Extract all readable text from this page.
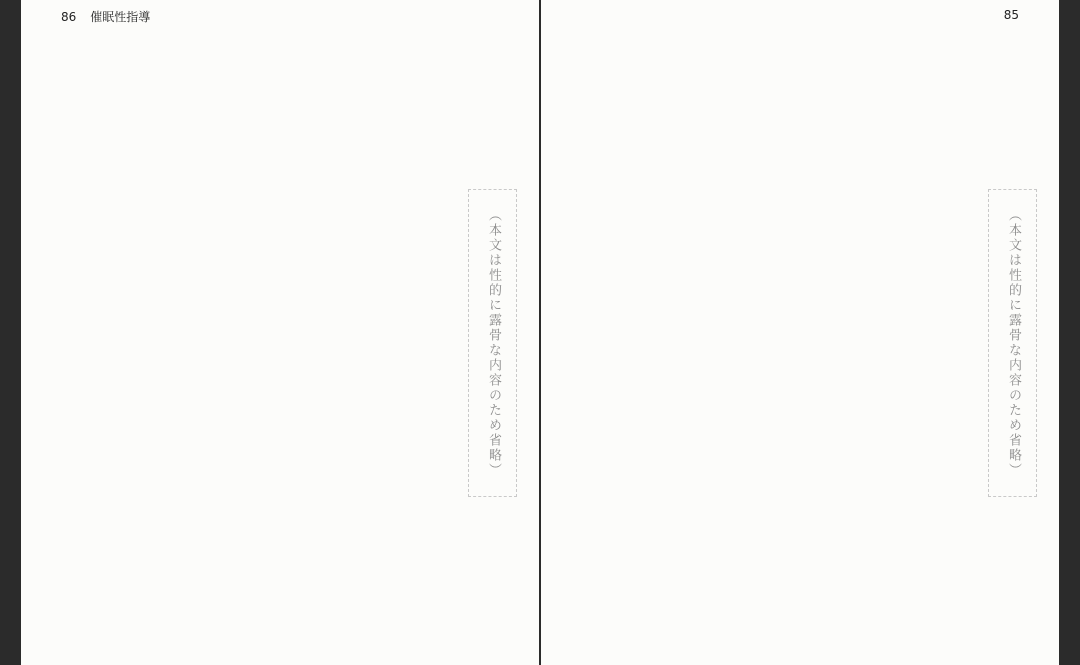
86 催眠性指導
（本文は性的に露骨な内容のため省略）
85
（本文は性的に露骨な内容のため省略）
